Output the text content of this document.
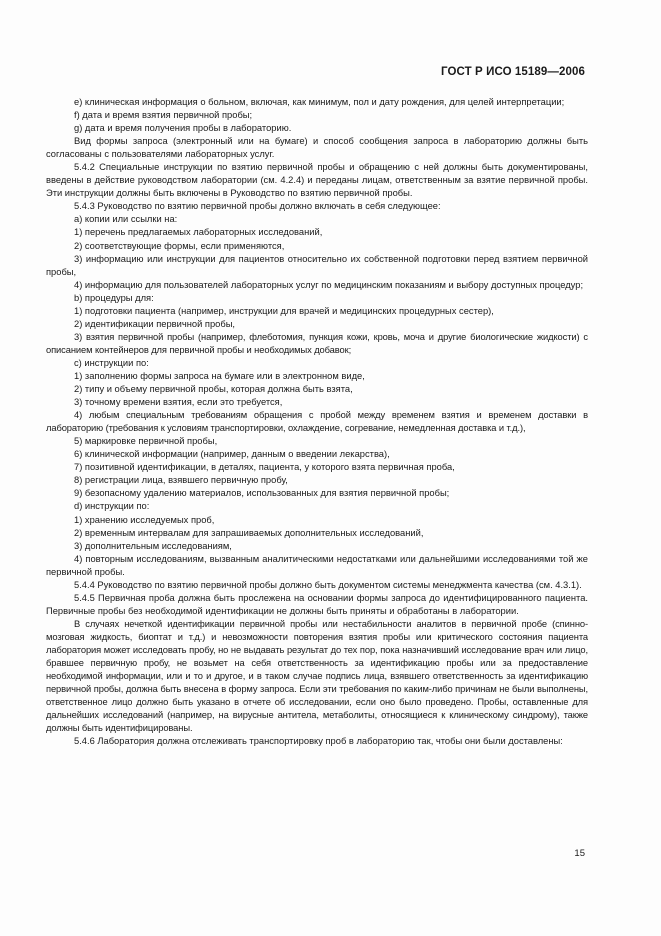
ГОСТ Р ИСО 15189—2006

e) клиническая информация о больном, включая, как минимум, пол и дату рождения, для целей интерпретации;

f) дата и время взятия первичной пробы;

g) дата и время получения пробы в лабораторию.

Вид формы запроса (электронный или на бумаге) и способ сообщения запроса в лабораторию должны быть согласованы с пользователями лабораторных услуг.

5.4.2 Специальные инструкции по взятию первичной пробы и обращению с ней должны быть документированы, введены в действие руководством лаборатории (см. 4.2.4) и переданы лицам, ответственным за взятие первичной пробы. Эти инструкции должны быть включены в Руководство по взятию первичной пробы.

5.4.3 Руководство по взятию первичной пробы должно включать в себя следующее:

a) копии или ссылки на:

1) перечень предлагаемых лабораторных исследований,

2) соответствующие формы, если применяются,

3) информацию или инструкции для пациентов относительно их собственной подготовки перед взятием первичной пробы,

4) информацию для пользователей лабораторных услуг по медицинским показаниям и выбору доступных процедур;

b) процедуры для:

1) подготовки пациента (например, инструкции для врачей и медицинских процедурных сестер),

2) идентификации первичной пробы,

3) взятия первичной пробы (например, флеботомия, пункция кожи, кровь, моча и другие биологические жидкости) с описанием контейнеров для первичной пробы и необходимых добавок;

c) инструкции по:

1) заполнению формы запроса на бумаге или в электронном виде,

2) типу и объему первичной пробы, которая должна быть взята,

3) точному времени взятия, если это требуется,

4) любым специальным требованиям обращения с пробой между временем взятия и временем доставки в лабораторию (требования к условиям транспортировки, охлаждение, согревание, немедленная доставка и т.д.),

5) маркировке первичной пробы,

6) клинической информации (например, данным о введении лекарства),

7) позитивной идентификации, в деталях, пациента, у которого взята первичная проба,

8) регистрации лица, взявшего первичную пробу,

9) безопасному удалению материалов, использованных для взятия первичной пробы;

d) инструкции по:

1) хранению исследуемых проб,

2) временным интервалам для запрашиваемых дополнительных исследований,

3) дополнительным исследованиям,

4) повторным исследованиям, вызванным аналитическими недостатками или дальнейшими исследованиями той же первичной пробы.

5.4.4 Руководство по взятию первичной пробы должно быть документом системы менеджмента качества (см. 4.3.1).

5.4.5 Первичная проба должна быть прослежена на основании формы запроса до идентифицированного пациента. Первичные пробы без необходимой идентификации не должны быть приняты и обработаны в лаборатории.

В случаях нечеткой идентификации первичной пробы или нестабильности аналитов в первичной пробе (спинно-мозговая жидкость, биоптат и т.д.) и невозможности повторения взятия пробы или критического состояния пациента лаборатория может исследовать пробу, но не выдавать результат до тех пор, пока назначивший исследование врач или лицо, бравшее первичную пробу, не возьмет на себя ответственность за идентификацию пробы или за предоставление необходимой информации, или и то и другое, и в таком случае подпись лица, взявшего ответственность за идентификацию первичной пробы, должна быть внесена в форму запроса. Если эти требования по каким-либо причинам не были выполнены, ответственное лицо должно быть указано в отчете об исследовании, если оно было проведено. Пробы, оставленные для дальнейших исследований (например, на вирусные антитела, метаболиты, относящиеся к клиническому синдрому), также должны быть идентифицированы.

5.4.6 Лаборатория должна отслеживать транспортировку проб в лабораторию так, чтобы они были доставлены:

15
